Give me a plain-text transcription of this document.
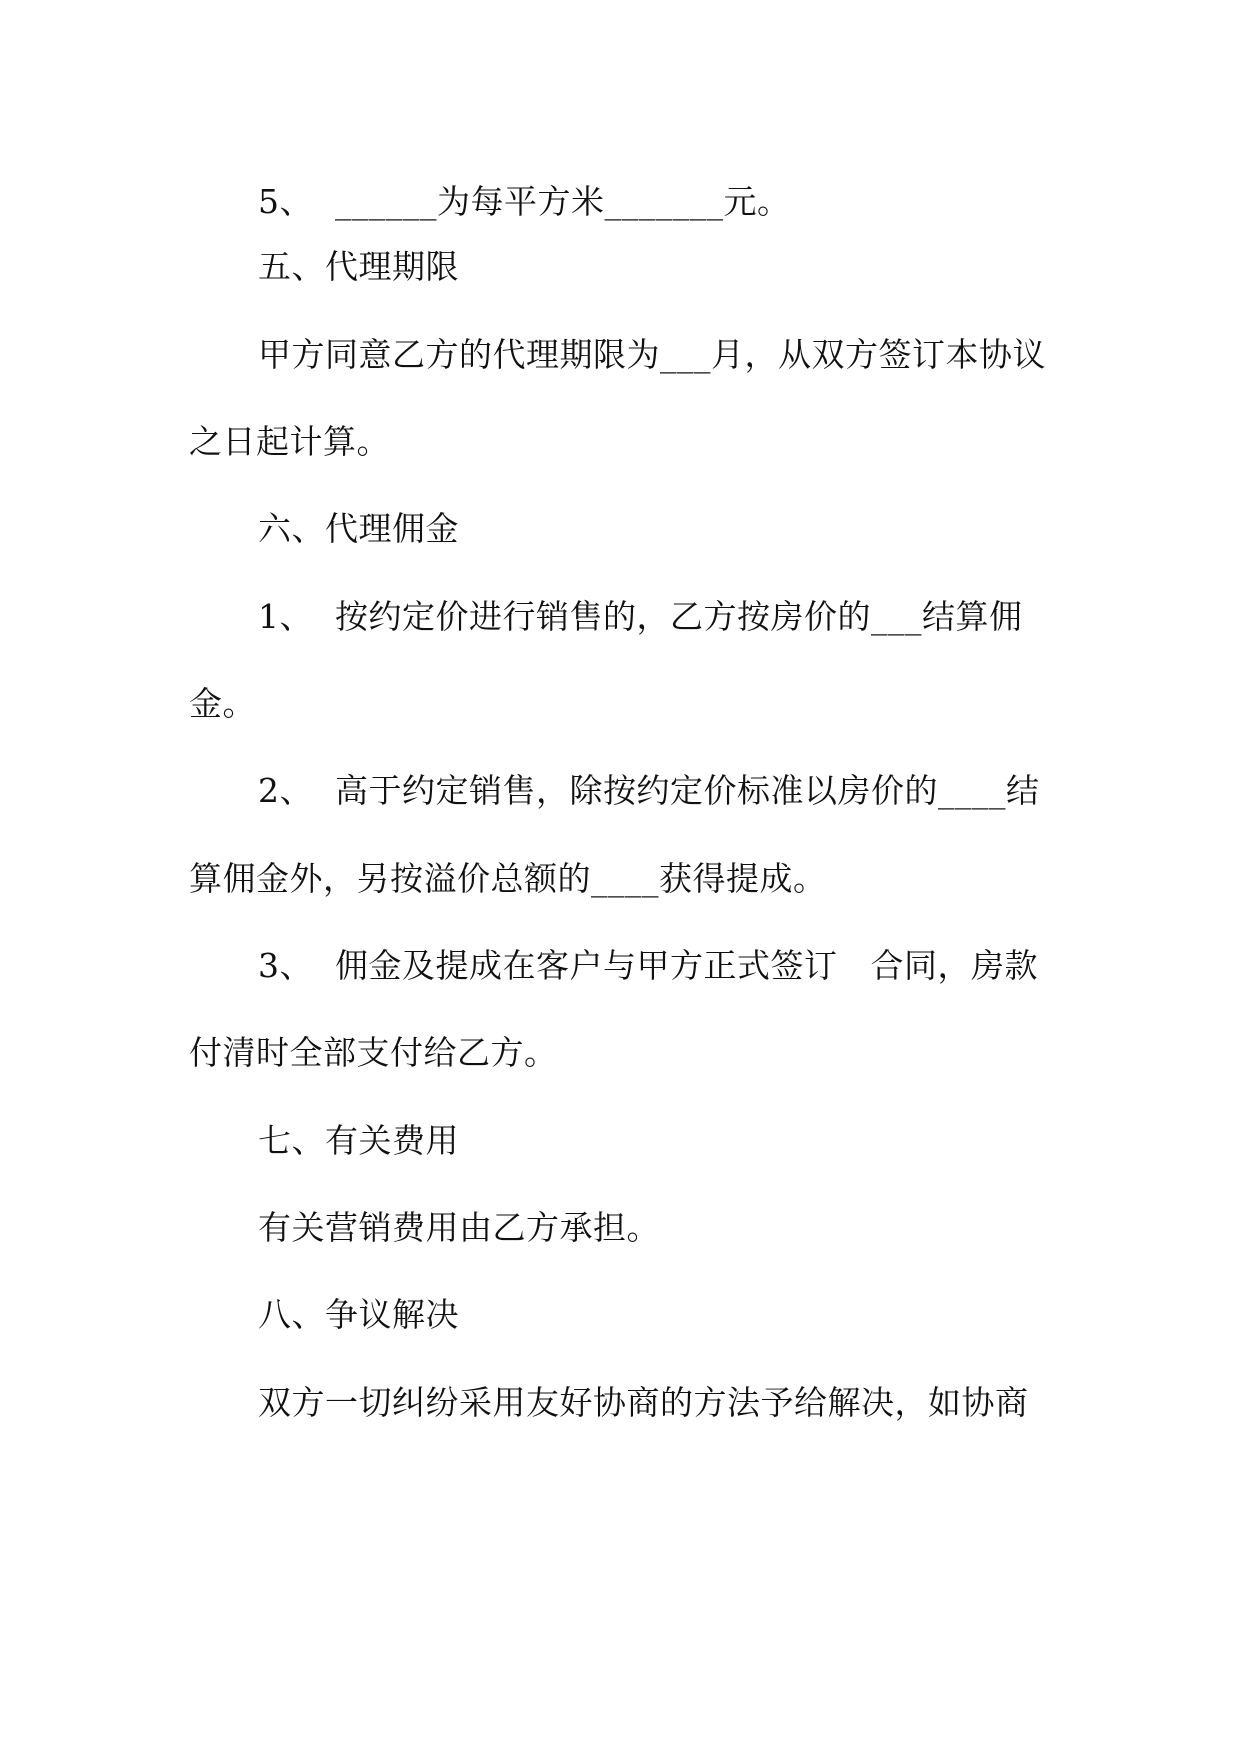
5、  ______为每平方米_______元。
五、代理期限
甲方同意乙方的代理期限为___月，从双方签订本协议
之日起计算。
六、代理佣金
1、  按约定价进行销售的，乙方按房价的___结算佣
金。
2、  高于约定销售，除按约定价标准以房价的____结
算佣金外，另按溢价总额的____获得提成。
3、  佣金及提成在客户与甲方正式签订   合同，房款
付清时全部支付给乙方。
七、有关费用
有关营销费用由乙方承担。
八、争议解决
双方一切纠纷采用友好协商的方法予给解决，如协商
